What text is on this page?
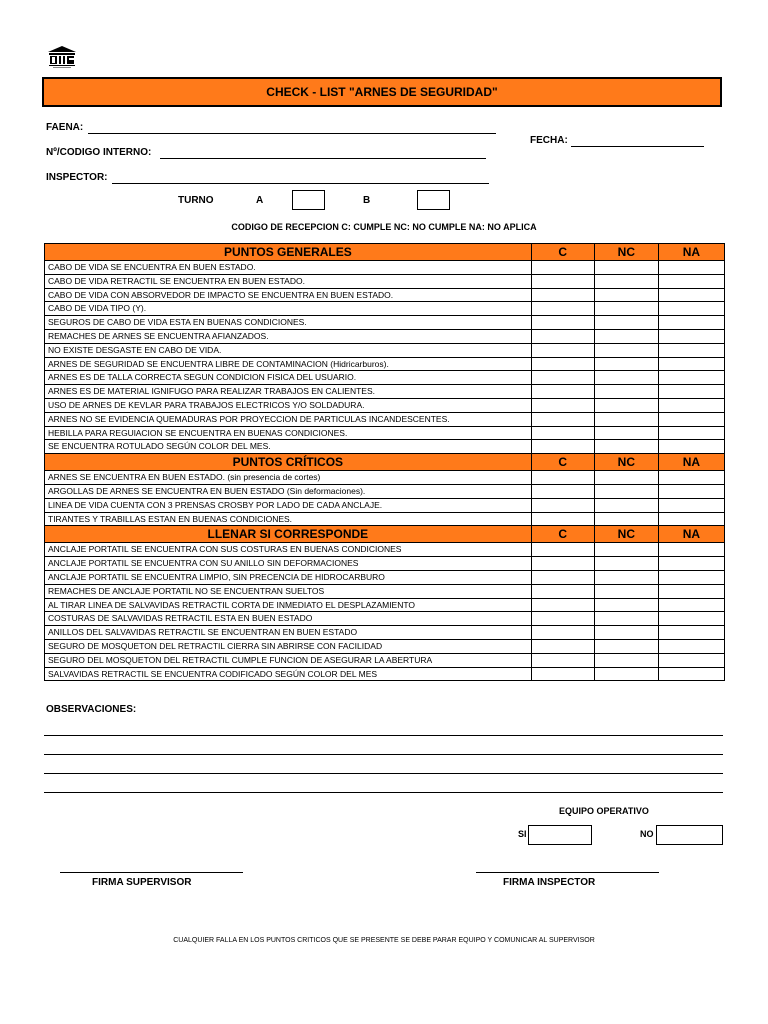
CHECK - LIST "ARNES DE SEGURIDAD"
FAENA:
Nº/CODIGO INTERNO:
INSPECTOR:
FECHA:
TURNO	A	B
CODIGO DE RECEPCION C: CUMPLE NC: NO CUMPLE NA: NO APLICA
PUNTOS GENERALES	C	NC	NA
CABO DE VIDA SE ENCUENTRA EN BUEN ESTADO.			
CABO DE VIDA RETRACTIL SE ENCUENTRA EN BUEN ESTADO.			
CABO DE VIDA CON ABSORVEDOR DE IMPACTO SE ENCUENTRA EN BUEN ESTADO.			
CABO DE VIDA TIPO (Y).			
SEGUROS DE CABO DE VIDA ESTA EN BUENAS CONDICIONES.			
REMACHES DE ARNES SE ENCUENTRA AFIANZADOS.			
NO EXISTE DESGASTE EN CABO DE VIDA.			
ARNES DE SEGURIDAD SE ENCUENTRA LIBRE DE CONTAMINACION (Hidricarburos).			
ARNES ES DE TALLA CORRECTA SEGUN CONDICION FISICA DEL USUARIO.			
ARNES ES DE MATERIAL IGNIFUGO PARA REALIZAR TRABAJOS EN CALIENTES.			
USO DE ARNES DE KEVLAR PARA TRABAJOS ELECTRICOS Y/O SOLDADURA.			
ARNES NO SE EVIDENCIA QUEMADURAS POR PROYECCION DE PARTICULAS INCANDESCENTES.			
HEBILLA PARA REGUlACION SE ENCUENTRA EN BUENAS CONDICIONES.			
SE ENCUENTRA ROTULADO SEGÚN COLOR DEL MES.			
PUNTOS CRÍTICOS	C	NC	NA
ARNES SE ENCUENTRA EN BUEN ESTADO. (sin presencia de cortes)			
ARGOLLAS DE ARNES SE ENCUENTRA EN BUEN ESTADO (Sin deformaciones).			
LINEA DE VIDA CUENTA CON 3 PRENSAS CROSBY POR LADO DE CADA ANCLAJE.			
TIRANTES Y TRABILLAS ESTAN EN BUENAS CONDICIONES.			
LLENAR SI CORRESPONDE	C	NC	NA
ANCLAJE PORTATIL SE ENCUENTRA CON SUS COSTURAS EN BUENAS CONDICIONES			
ANCLAJE PORTATIL SE ENCUENTRA CON SU ANILLO SIN DEFORMACIONES			
ANCLAJE PORTATIL SE ENCUENTRA LIMPIO, SIN PRECENCIA DE HIDROCARBURO			
REMACHES DE ANCLAJE PORTATIL NO SE ENCUENTRAN SUELTOS			
AL TIRAR LINEA DE SALVAVIDAS RETRACTIL CORTA DE INMEDIATO EL DESPLAZAMIENTO			
COSTURAS DE SALVAVIDAS RETRACTIL ESTA EN BUEN ESTADO			
ANILLOS DEL SALVAVIDAS RETRACTIL SE ENCUENTRAN EN BUEN ESTADO			
SEGURO DE MOSQUETON DEL RETRACTIL CIERRA SIN ABRIRSE CON FACILIDAD			
SEGURO DEL MOSQUETON DEL RETRACTIL CUMPLE FUNCION DE ASEGURAR LA ABERTURA			
SALVAVIDAS RETRACTIL SE ENCUENTRA CODIFICADO SEGÚN COLOR DEL MES			
OBSERVACIONES:
EQUIPO OPERATIVO
SI	NO
FIRMA SUPERVISOR	FIRMA INSPECTOR
CUALQUIER FALLA EN LOS PUNTOS CRITICOS QUE SE PRESENTE SE DEBE PARAR EQUIPO Y COMUNICAR AL SUPERVISOR
